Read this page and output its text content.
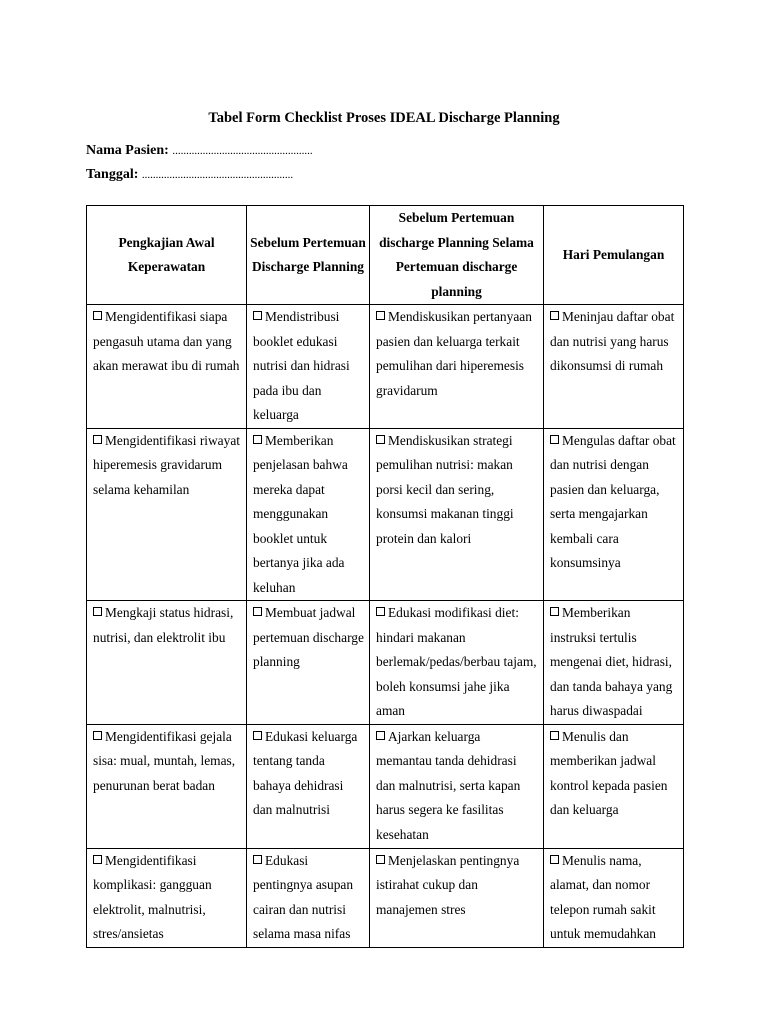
Tabel Form Checklist Proses IDEAL Discharge Planning
Nama Pasien: ...................................................
Tanggal: .......................................................
Pengkajian Awal Keperawatan	Sebelum Pertemuan Discharge Planning	Sebelum Pertemuan discharge Planning Selama Pertemuan discharge planning	Hari Pemulangan
Mengidentifikasi siapa pengasuh utama dan yang akan merawat ibu di rumah	Mendistribusi booklet edukasi nutrisi dan hidrasi pada ibu dan keluarga	Mendiskusikan pertanyaan pasien dan keluarga terkait pemulihan dari hiperemesis gravidarum	Meninjau daftar obat dan nutrisi yang harus dikonsumsi di rumah
Mengidentifikasi riwayat hiperemesis gravidarum selama kehamilan	Memberikan penjelasan bahwa mereka dapat menggunakan booklet untuk bertanya jika ada keluhan	Mendiskusikan strategi pemulihan nutrisi: makan porsi kecil dan sering, konsumsi makanan tinggi protein dan kalori	Mengulas daftar obat dan nutrisi dengan pasien dan keluarga, serta mengajarkan kembali cara konsumsinya
Mengkaji status hidrasi, nutrisi, dan elektrolit ibu	Membuat jadwal pertemuan discharge planning	Edukasi modifikasi diet: hindari makanan berlemak/pedas/berbau tajam, boleh konsumsi jahe jika aman	Memberikan instruksi tertulis mengenai diet, hidrasi, dan tanda bahaya yang harus diwaspadai
Mengidentifikasi gejala sisa: mual, muntah, lemas, penurunan berat badan	Edukasi keluarga tentang tanda bahaya dehidrasi dan malnutrisi	Ajarkan keluarga memantau tanda dehidrasi dan malnutrisi, serta kapan harus segera ke fasilitas kesehatan	Menulis dan memberikan jadwal kontrol kepada pasien dan keluarga
Mengidentifikasi komplikasi: gangguan elektrolit, malnutrisi, stres/ansietas	Edukasi pentingnya asupan cairan dan nutrisi selama masa nifas	Menjelaskan pentingnya istirahat cukup dan manajemen stres	Menulis nama, alamat, dan nomor telepon rumah sakit untuk memudahkan
